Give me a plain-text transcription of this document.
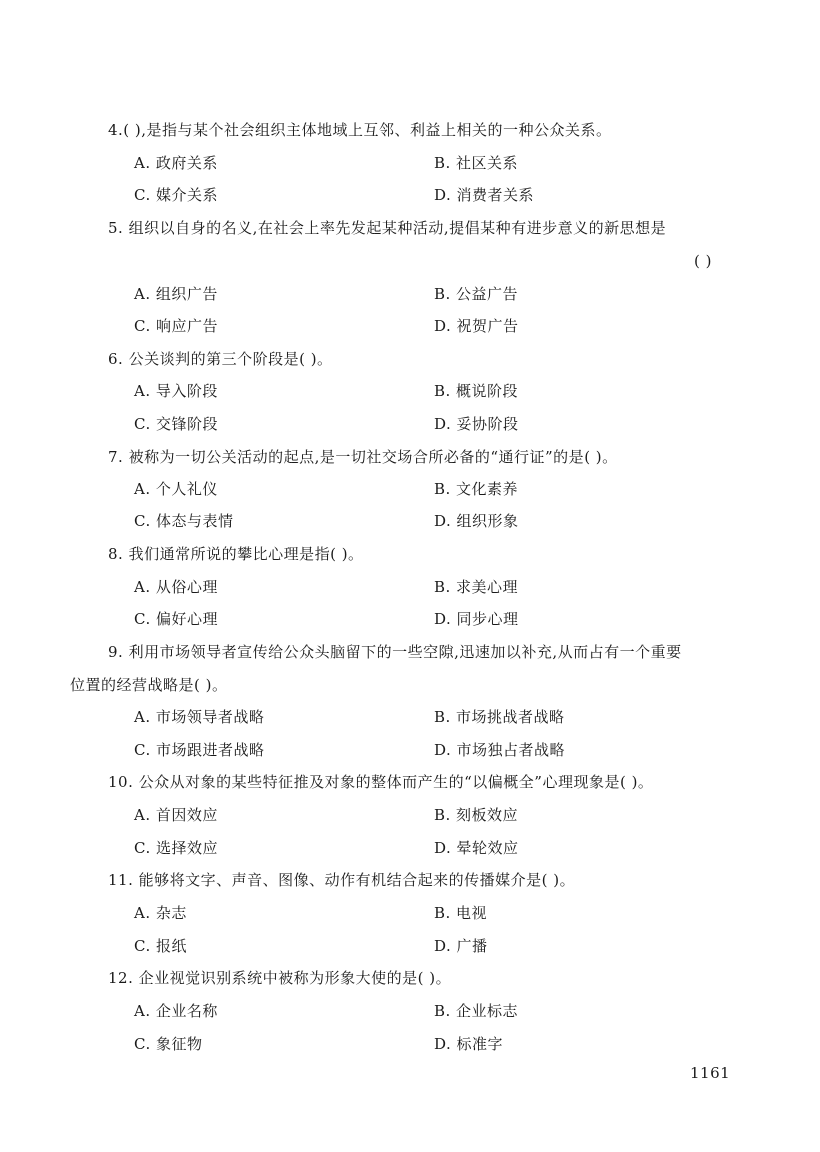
4.( ),是指与某个社会组织主体地域上互邻、利益上相关的一种公众关系。
A. 政府关系	B. 社区关系
C. 媒介关系	D. 消费者关系
5. 组织以自身的名义,在社会上率先发起某种活动,提倡某种有进步意义的新思想是
( )
A. 组织广告	B. 公益广告
C. 响应广告	D. 祝贺广告
6. 公关谈判的第三个阶段是( )。
A. 导入阶段	B. 概说阶段
C. 交锋阶段	D. 妥协阶段
7. 被称为一切公关活动的起点,是一切社交场合所必备的“通行证”的是( )。
A. 个人礼仪	B. 文化素养
C. 体态与表情	D. 组织形象
8. 我们通常所说的攀比心理是指( )。
A. 从俗心理	B. 求美心理
C. 偏好心理	D. 同步心理
9. 利用市场领导者宣传给公众头脑留下的一些空隙,迅速加以补充,从而占有一个重要
位置的经营战略是( )。
A. 市场领导者战略	B. 市场挑战者战略
C. 市场跟进者战略	D. 市场独占者战略
10. 公众从对象的某些特征推及对象的整体而产生的“以偏概全”心理现象是( )。
A. 首因效应	B. 刻板效应
C. 选择效应	D. 晕轮效应
11. 能够将文字、声音、图像、动作有机结合起来的传播媒介是( )。
A. 杂志	B. 电视
C. 报纸	D. 广播
12. 企业视觉识别系统中被称为形象大使的是( )。
A. 企业名称	B. 企业标志
C. 象征物	D. 标准字
1161
